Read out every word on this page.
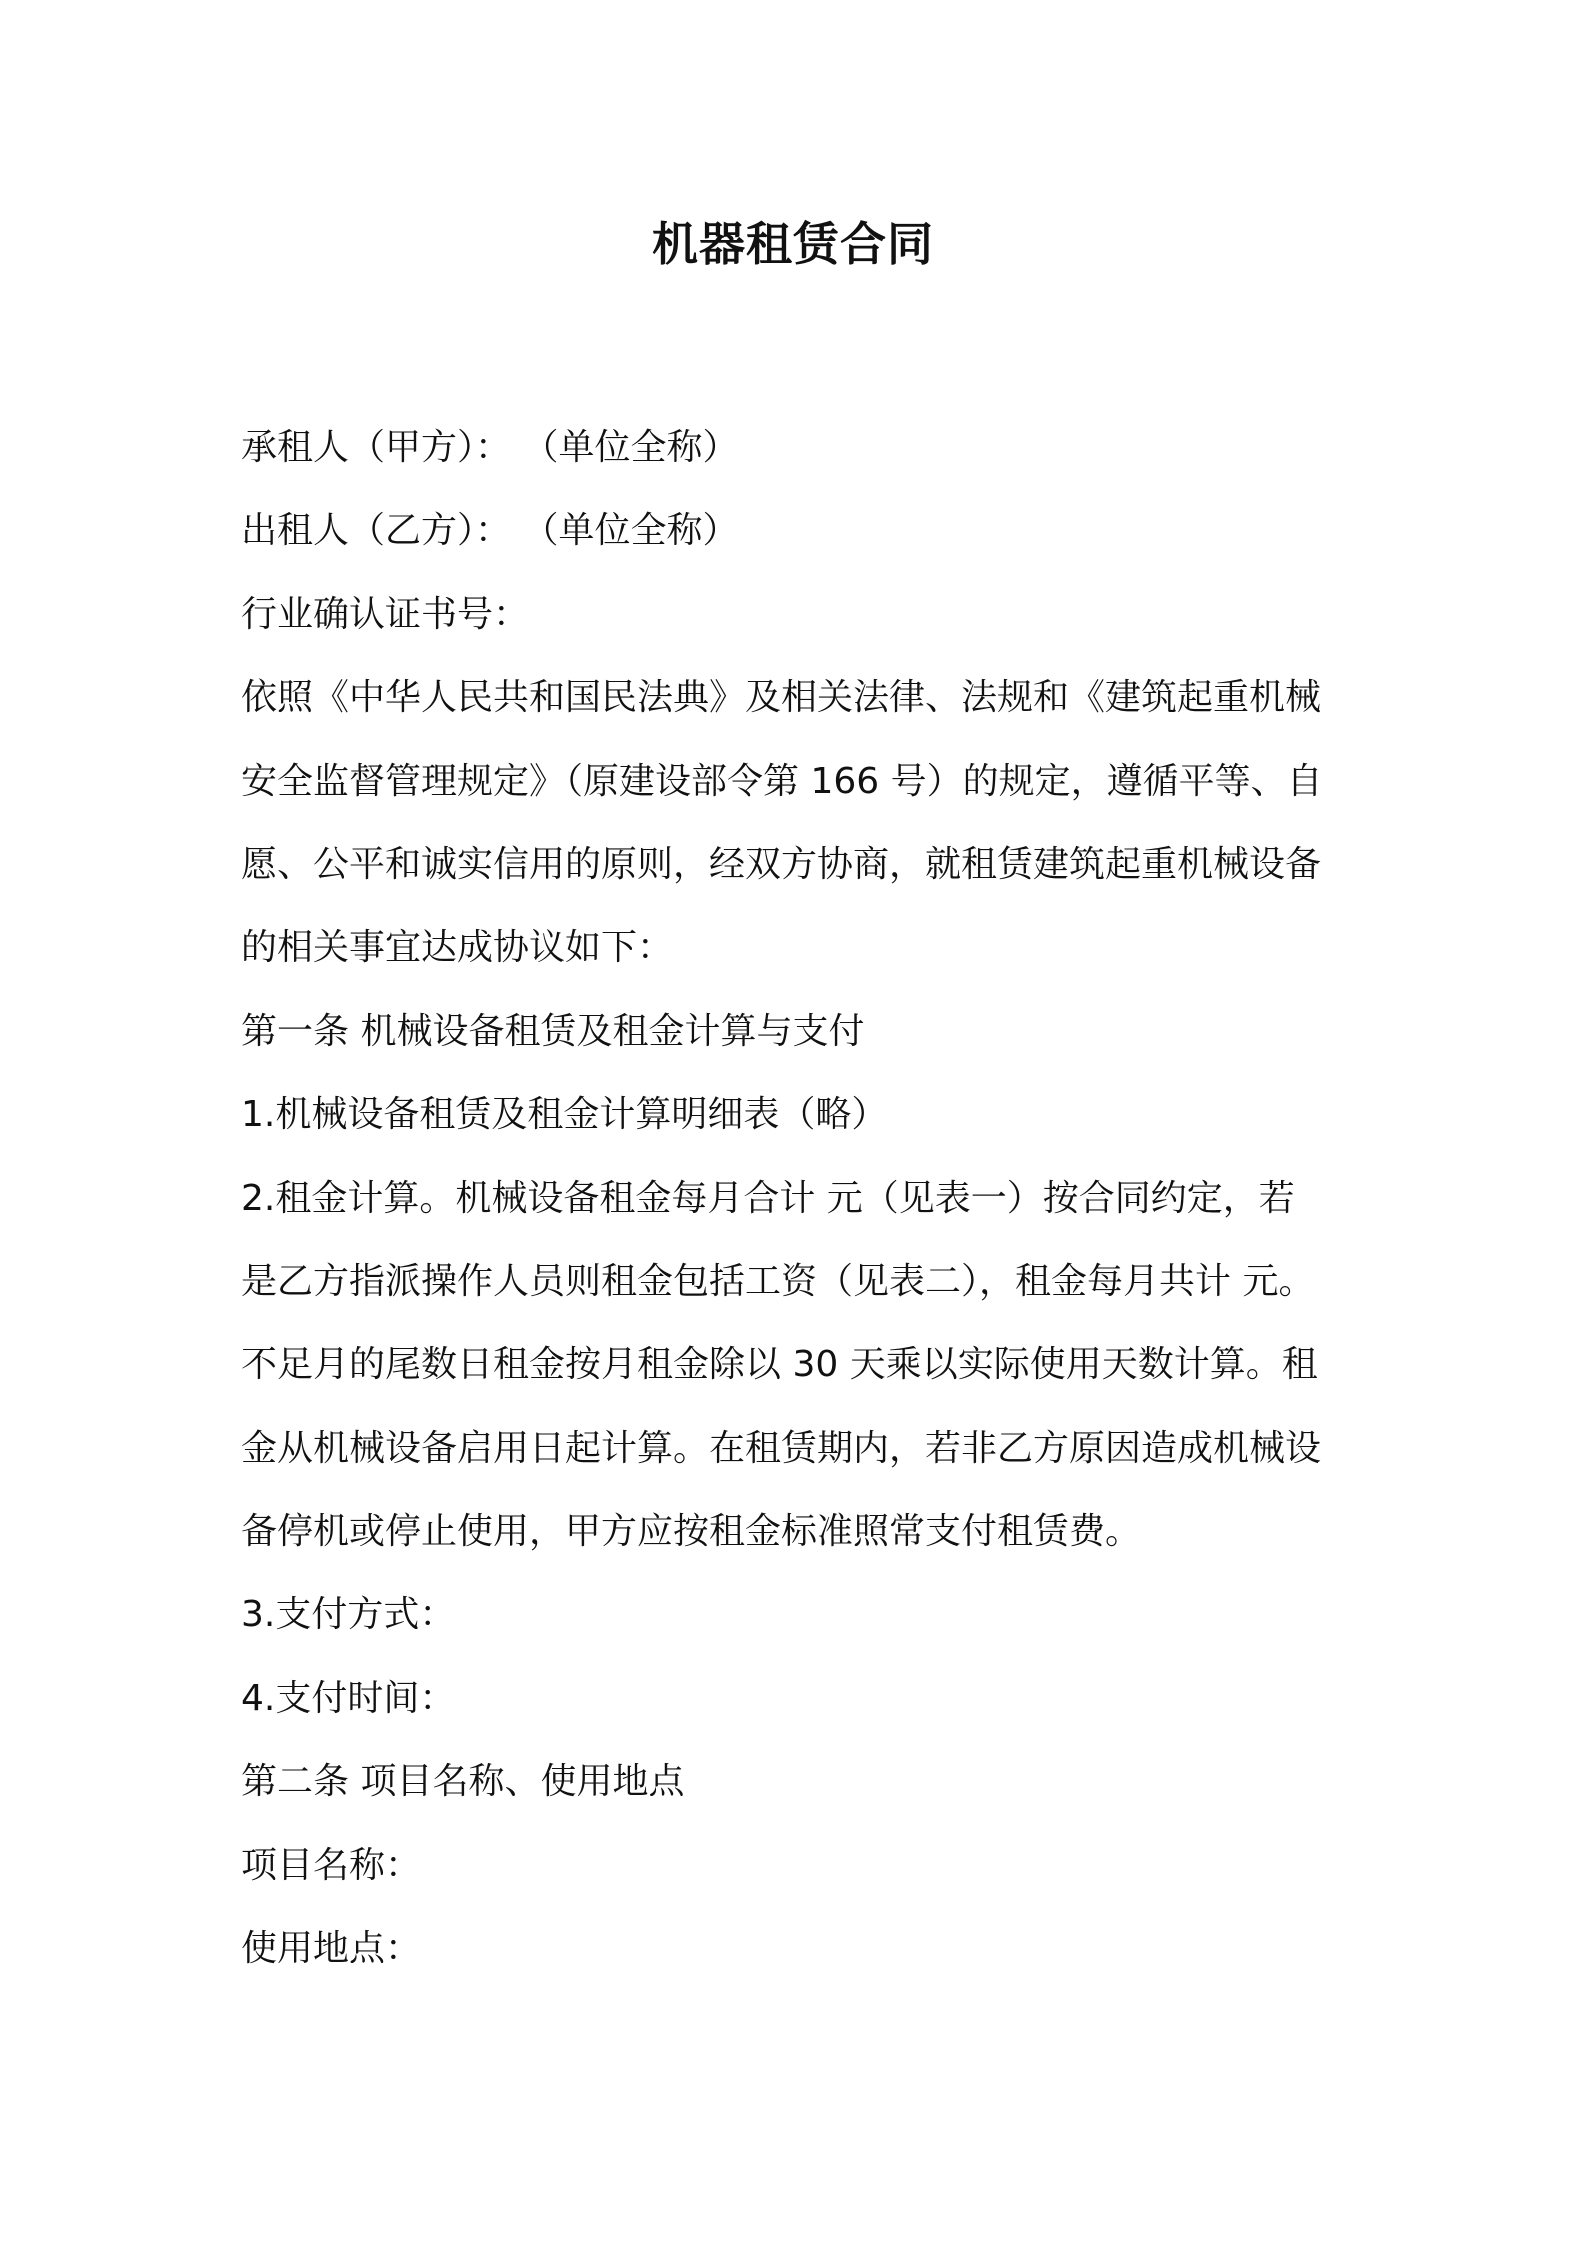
机器租赁合同
承租人（甲方）： （单位全称）
出租人（乙方）： （单位全称）
行业确认证书号：
依照《中华人民共和国民法典》及相关法律、法规和《建筑起重机械
安全监督管理规定》（原建设部令第 166 号）的规定，遵循平等、自
愿、公平和诚实信用的原则，经双方协商，就租赁建筑起重机械设备
的相关事宜达成协议如下：
第一条 机械设备租赁及租金计算与支付
1.机械设备租赁及租金计算明细表（略）
2.租金计算。机械设备租金每月合计 元（见表一）按合同约定，若
是乙方指派操作人员则租金包括工资（见表二），租金每月共计 元。
不足月的尾数日租金按月租金除以 30 天乘以实际使用天数计算。租
金从机械设备启用日起计算。在租赁期内，若非乙方原因造成机械设
备停机或停止使用，甲方应按租金标准照常支付租赁费。
3.支付方式：
4.支付时间：
第二条 项目名称、使用地点
项目名称：
使用地点：
